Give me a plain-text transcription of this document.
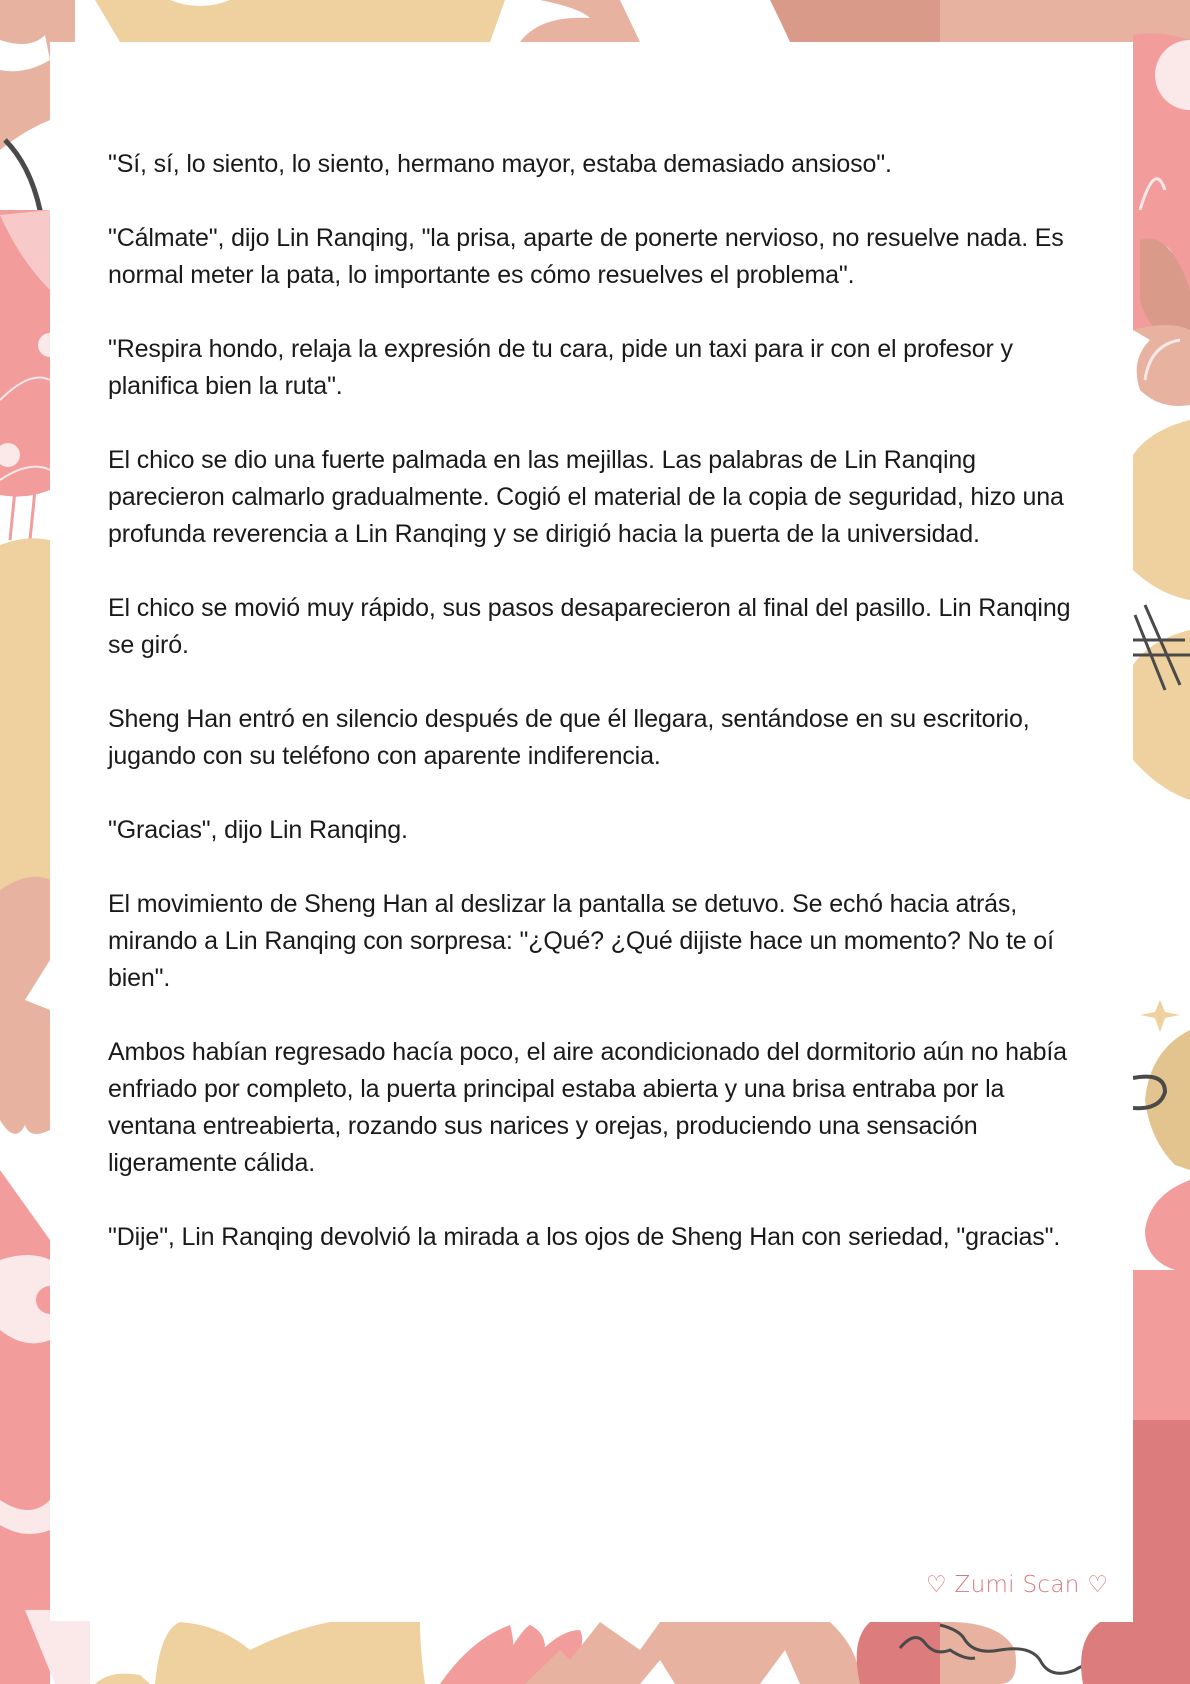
"Sí, sí, lo siento, lo siento, hermano mayor, estaba demasiado ansioso".

"Cálmate", dijo Lin Ranqing, "la prisa, aparte de ponerte nervioso, no resuelve nada. Es normal meter la pata, lo importante es cómo resuelves el problema".

"Respira hondo, relaja la expresión de tu cara, pide un taxi para ir con el profesor y planifica bien la ruta".

El chico se dio una fuerte palmada en las mejillas. Las palabras de Lin Ranqing parecieron calmarlo gradualmente. Cogió el material de la copia de seguridad, hizo una profunda reverencia a Lin Ranqing y se dirigió hacia la puerta de la universidad.

El chico se movió muy rápido, sus pasos desaparecieron al final del pasillo. Lin Ranqing se giró.

Sheng Han entró en silencio después de que él llegara, sentándose en su escritorio, jugando con su teléfono con aparente indiferencia.

"Gracias", dijo Lin Ranqing.

El movimiento de Sheng Han al deslizar la pantalla se detuvo. Se echó hacia atrás, mirando a Lin Ranqing con sorpresa: "¿Qué? ¿Qué dijiste hace un momento? No te oí bien".

Ambos habían regresado hacía poco, el aire acondicionado del dormitorio aún no había enfriado por completo, la puerta principal estaba abierta y una brisa entraba por la ventana entreabierta, rozando sus narices y orejas, produciendo una sensación ligeramente cálida.

"Dije", Lin Ranqing devolvió la mirada a los ojos de Sheng Han con seriedad, "gracias".

♡ Zumi Scan ♡
